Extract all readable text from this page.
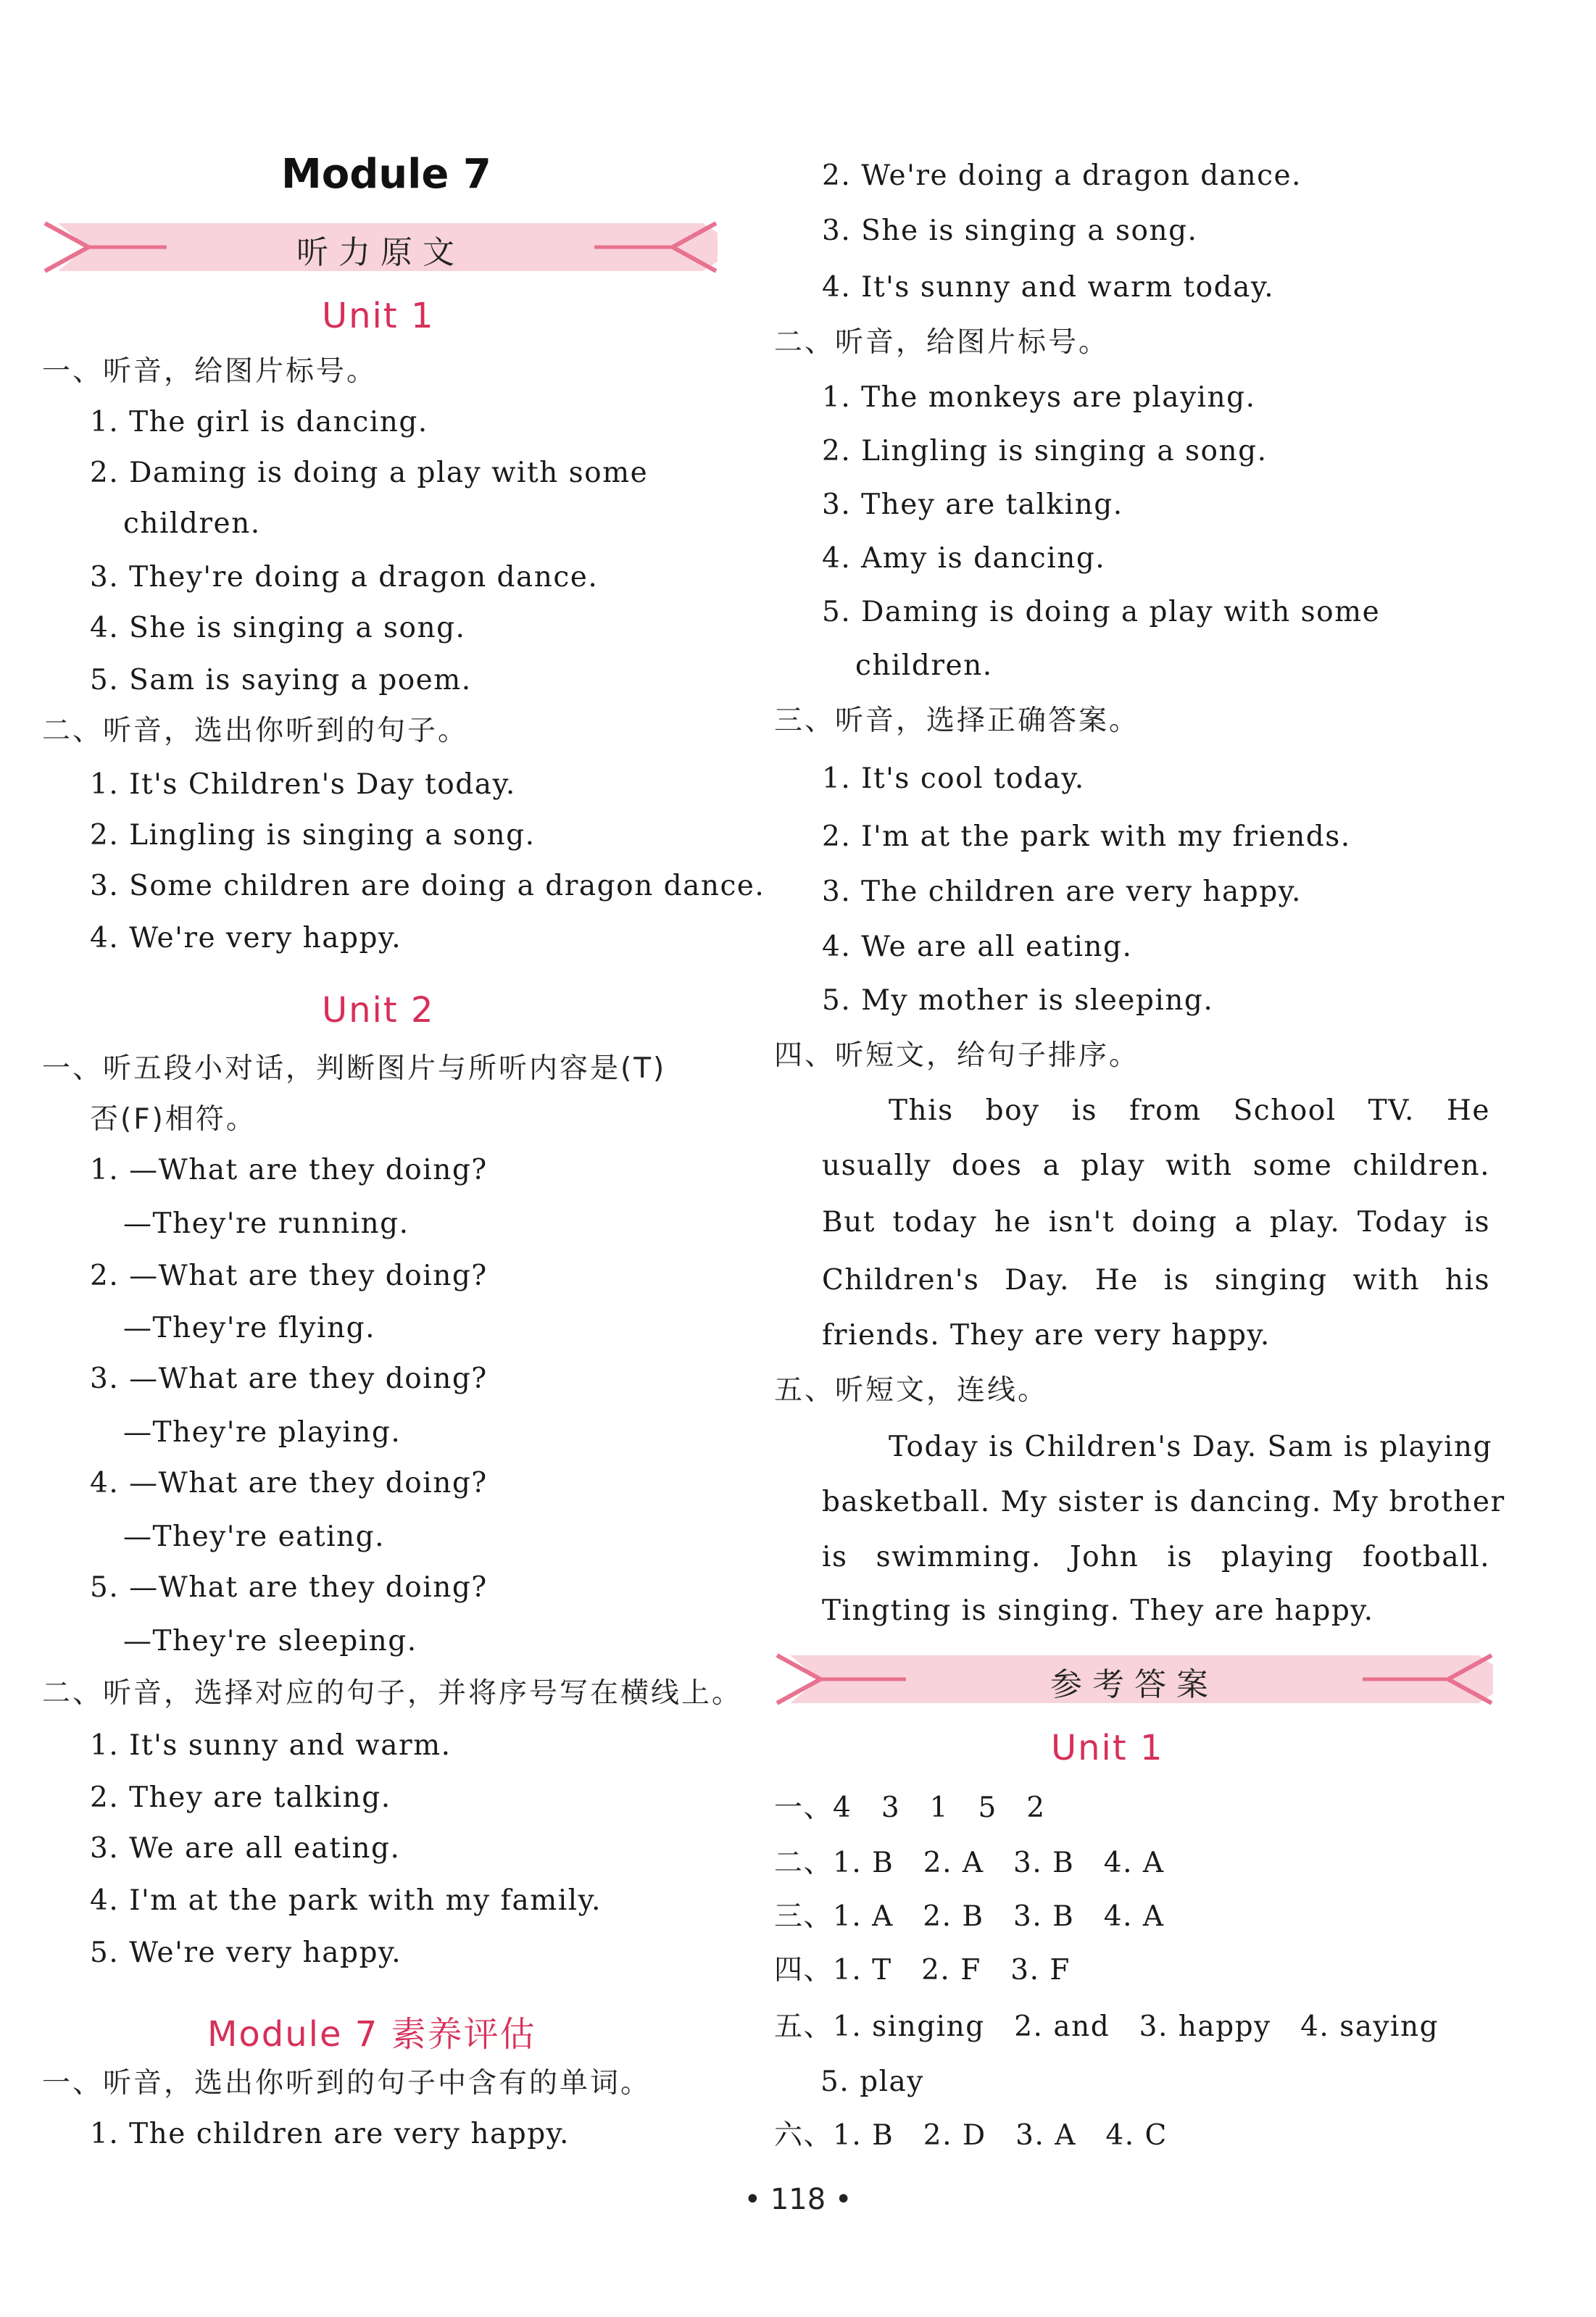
Module 7
听力原文
Unit 1
一、听音，给图片标号。
1. The girl is dancing.
2. Daming is doing a play with some
children.
3. They're doing a dragon dance.
4. She is singing a song.
5. Sam is saying a poem.
二、听音，选出你听到的句子。
1. It's Children's Day today.
2. Lingling is singing a song.
3. Some children are doing a dragon dance.
4. We're very happy.
Unit 2
一、听五段小对话，判断图片与所听内容是(T)
否(F)相符。
1. —What are they doing?
—They're running.
2. —What are they doing?
—They're flying.
3. —What are they doing?
—They're playing.
4. —What are they doing?
—They're eating.
5. —What are they doing?
—They're sleeping.
二、听音，选择对应的句子，并将序号写在横线上。
1. It's sunny and warm.
2. They are talking.
3. We are all eating.
4. I'm at the park with my family.
5. We're very happy.
Module 7 素养评估
一、听音，选出你听到的句子中含有的单词。
1. The children are very happy.
2. We're doing a dragon dance.
3. She is singing a song.
4. It's sunny and warm today.
二、听音，给图片标号。
1. The monkeys are playing.
2. Lingling is singing a song.
3. They are talking.
4. Amy is dancing.
5. Daming is doing a play with some
children.
三、听音，选择正确答案。
1. It's cool today.
2. I'm at the park with my friends.
3. The children are very happy.
4. We are all eating.
5. My mother is sleeping.
四、听短文，给句子排序。
This boy is from School TV. He
usually does a play with some children.
But today he isn't doing a play. Today is
Children's Day. He is singing with his
friends. They are very happy.
五、听短文，连线。
Today is Children's Day. Sam is playing
basketball. My sister is dancing. My brother
is swimming. John is playing football.
Tingting is singing. They are happy.
参考答案
Unit 1
一、4　3　1　5　2
二、1. B　2. A　3. B　4. A
三、1. A　2. B　3. B　4. A
四、1. T　2. F　3. F
五、1. singing　2. and　3. happy　4. saying
5. play
六、1. B　2. D　3. A　4. C
• 118 •
